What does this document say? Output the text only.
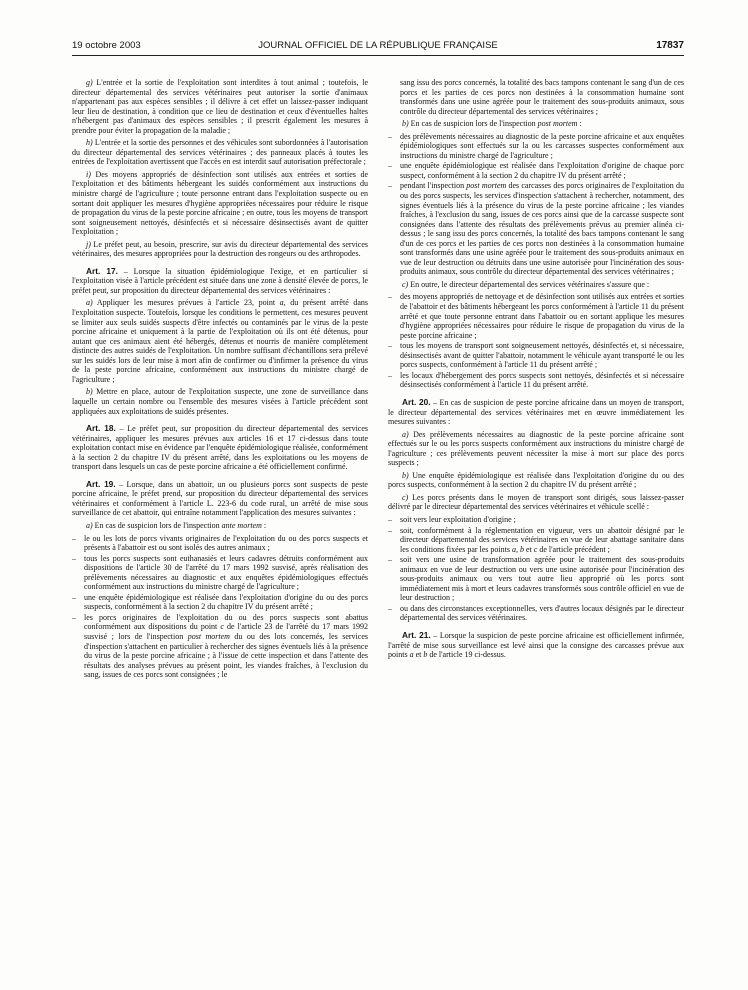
19 octobre 2003	JOURNAL OFFICIEL DE LA RÉPUBLIQUE FRANÇAISE	17837

g) L'entrée et la sortie de l'exploitation sont interdites à tout animal ; toutefois, le directeur départemental des services vétérinaires peut autoriser la sortie d'animaux n'appartenant pas aux espèces sensibles ; il délivre à cet effet un laissez-passer indiquant leur lieu de destination, à condition que ce lieu de destination et ceux d'éventuelles haltes n'hébergent pas d'animaux des espèces sensibles ; il prescrit également les mesures à prendre pour éviter la propagation de la maladie ;

h) L'entrée et la sortie des personnes et des véhicules sont subordonnées à l'autorisation du directeur départemental des services vétérinaires ; des panneaux placés à toutes les entrées de l'exploitation avertissent que l'accès en est interdit sauf autorisation préfectorale ;

i) Des moyens appropriés de désinfection sont utilisés aux entrées et sorties de l'exploitation et des bâtiments hébergeant les suidés conformément aux instructions du ministre chargé de l'agriculture ; toute personne entrant dans l'exploitation suspecte ou en sortant doit appliquer les mesures d'hygiène appropriées nécessaires pour réduire le risque de propagation du virus de la peste porcine africaine ; en outre, tous les moyens de transport sont soigneusement nettoyés, désinfectés et si nécessaire désinsectisés avant de quitter l'exploitation ;

j) Le préfet peut, au besoin, prescrire, sur avis du directeur départemental des services vétérinaires, des mesures appropriées pour la destruction des rongeurs ou des arthropodes.

Art. 17. – Lorsque la situation épidémiologique l'exige, et en particulier si l'exploitation visée à l'article précédent est située dans une zone à densité élevée de porcs, le préfet peut, sur proposition du directeur départemental des services vétérinaires :

a) Appliquer les mesures prévues à l'article 23, point a, du présent arrêté dans l'exploitation suspecte. Toutefois, lorsque les conditions le permettent, ces mesures peuvent se limiter aux seuls suidés suspects d'être infectés ou contaminés par le virus de la peste porcine africaine et uniquement à la partie de l'exploitation où ils ont été détenus, pour autant que ces animaux aient été hébergés, détenus et nourris de manière complètement distincte des autres suidés de l'exploitation. Un nombre suffisant d'échantillons sera prélevé sur les suidés lors de leur mise à mort afin de confirmer ou d'infirmer la présence du virus de la peste porcine africaine, conformément aux instructions du ministre chargé de l'agriculture ;

b) Mettre en place, autour de l'exploitation suspecte, une zone de surveillance dans laquelle un certain nombre ou l'ensemble des mesures visées à l'article précédent sont appliquées aux exploitations de suidés présentes.

Art. 18. – Le préfet peut, sur proposition du directeur départemental des services vétérinaires, appliquer les mesures prévues aux articles 16 et 17 ci-dessus dans toute exploitation contact mise en évidence par l'enquête épidémiologique réalisée, conformément à la section 2 du chapitre IV du présent arrêté, dans les exploitations ou les moyens de transport dans lesquels un cas de peste porcine africaine a été officiellement confirmé.

Art. 19. – Lorsque, dans un abattoir, un ou plusieurs porcs sont suspects de peste porcine africaine, le préfet prend, sur proposition du directeur départemental des services vétérinaires et conformément à l'article L. 223-6 du code rural, un arrêté de mise sous surveillance de cet abattoir, qui entraîne notamment l'application des mesures suivantes :

a) En cas de suspicion lors de l'inspection ante mortem :

– le ou les lots de porcs vivants originaires de l'exploitation du ou des porcs suspects et présents à l'abattoir est ou sont isolés des autres animaux ;
– tous les porcs suspects sont euthanasiés et leurs cadavres détruits conformément aux dispositions de l'article 30 de l'arrêté du 17 mars 1992 susvisé, après réalisation des prélèvements nécessaires au diagnostic et aux enquêtes épidémiologiques effectués conformément aux instructions du ministre chargé de l'agriculture ;
– une enquête épidémiologique est réalisée dans l'exploitation d'origine du ou des porcs suspects, conformément à la section 2 du chapitre IV du présent arrêté ;
– les porcs originaires de l'exploitation du ou des porcs suspects sont abattus conformément aux dispositions du point c de l'article 23 de l'arrêté du 17 mars 1992 susvisé ; lors de l'inspection post mortem du ou des lots concernés, les services d'inspection s'attachent en particulier à rechercher des signes éventuels liés à la présence du virus de la peste porcine africaine ; à l'issue de cette inspection et dans l'attente des résultats des analyses prévues au présent point, les viandes fraîches, à l'exclusion du sang, issues de ces porcs sont consignées ; le

sang issu des porcs concernés, la totalité des bacs tampons contenant le sang d'un de ces porcs et les parties de ces porcs non destinées à la consommation humaine sont transformés dans une usine agréée pour le traitement des sous-produits animaux, sous contrôle du directeur départemental des services vétérinaires ;

b) En cas de suspicion lors de l'inspection post mortem :

– des prélèvements nécessaires au diagnostic de la peste porcine africaine et aux enquêtes épidémiologiques sont effectués sur la ou les carcasses suspectes conformément aux instructions du ministre chargé de l'agriculture ;
– une enquête épidémiologique est réalisée dans l'exploitation d'origine de chaque porc suspect, conformément à la section 2 du chapitre IV du présent arrêté ;
– pendant l'inspection post mortem des carcasses des porcs originaires de l'exploitation du ou des porcs suspects, les services d'inspection s'attachent à rechercher, notamment, des signes éventuels liés à la présence du virus de la peste porcine africaine ; les viandes fraîches, à l'exclusion du sang, issues de ces porcs ainsi que de la carcasse suspecte sont consignées dans l'attente des résultats des prélèvements prévus au premier alinéa ci-dessus ; le sang issu des porcs concernés, la totalité des bacs tampons contenant le sang d'un de ces porcs et les parties de ces porcs non destinées à la consommation humaine sont transformés dans une usine agréée pour le traitement des sous-produits animaux en vue de leur destruction ou détruits dans une usine autorisée pour l'incinération des sous-produits animaux, sous contrôle du directeur départemental des services vétérinaires ;

c) En outre, le directeur départemental des services vétérinaires s'assure que :

– des moyens appropriés de nettoyage et de désinfection sont utilisés aux entrées et sorties de l'abattoir et des bâtiments hébergeant les porcs conformément à l'article 11 du présent arrêté et que toute personne entrant dans l'abattoir ou en sortant applique les mesures d'hygiène appropriées nécessaires pour réduire le risque de propagation du virus de la peste porcine africaine ;
– tous les moyens de transport sont soigneusement nettoyés, désinfectés et, si nécessaire, désinsectisés avant de quitter l'abattoir, notamment le véhicule ayant transporté le ou les porcs suspects, conformément à l'article 11 du présent arrêté ;
– les locaux d'hébergement des porcs suspects sont nettoyés, désinfectés et si nécessaire désinsectisés conformément à l'article 11 du présent arrêté.

Art. 20. – En cas de suspicion de peste porcine africaine dans un moyen de transport, le directeur départemental des services vétérinaires met en œuvre immédiatement les mesures suivantes :

a) Des prélèvements nécessaires au diagnostic de la peste porcine africaine sont effectués sur le ou les porcs suspects conformément aux instructions du ministre chargé de l'agriculture ; ces prélèvements peuvent nécessiter la mise à mort sur place des porcs suspects ;

b) Une enquête épidémiologique est réalisée dans l'exploitation d'origine du ou des porcs suspects, conformément à la section 2 du chapitre IV du présent arrêté ;

c) Les porcs présents dans le moyen de transport sont dirigés, sous laissez-passer délivré par le directeur départemental des services vétérinaires et véhicule scellé :

– soit vers leur exploitation d'origine ;
– soit, conformément à la réglementation en vigueur, vers un abattoir désigné par le directeur départemental des services vétérinaires en vue de leur abattage sanitaire dans les conditions fixées par les points a, b et c de l'article précédent ;
– soit vers une usine de transformation agréée pour le traitement des sous-produits animaux en vue de leur destruction ou vers une usine autorisée pour l'incinération des sous-produits animaux ou vers tout autre lieu approprié où les porcs sont immédiatement mis à mort et leurs cadavres transformés sous contrôle officiel en vue de leur destruction ;
– ou dans des circonstances exceptionnelles, vers d'autres locaux désignés par le directeur départemental des services vétérinaires.

Art. 21. – Lorsque la suspicion de peste porcine africaine est officiellement infirmée, l'arrêté de mise sous surveillance est levé ainsi que la consigne des carcasses prévue aux points a et b de l'article 19 ci-dessus.
